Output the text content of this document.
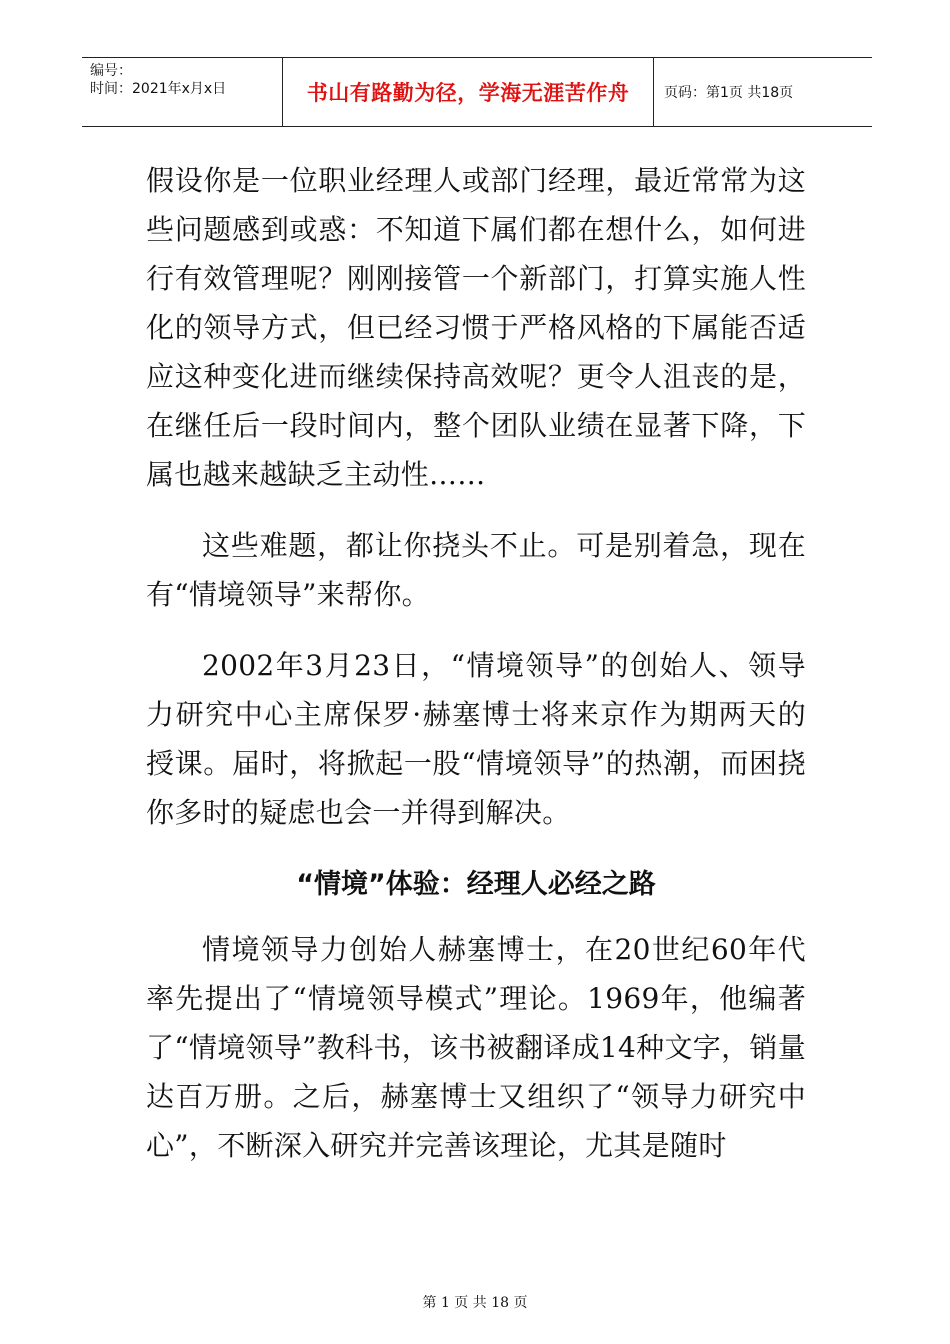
编号：
时间：2021年x月x日	书山有路勤为径，学海无涯苦作舟	页码：第1页 共18页

假设你是一位职业经理人或部门经理，最近常常为这些问题感到或惑：不知道下属们都在想什么，如何进行有效管理呢？刚刚接管一个新部门，打算实施人性化的领导方式，但已经习惯于严格风格的下属能否适应这种变化进而继续保持高效呢？更令人沮丧的是，在继任后一段时间内，整个团队业绩在显著下降，下属也越来越缺乏主动性……

这些难题，都让你挠头不止。可是别着急，现在有“情境领导”来帮你。

2002年3月23日，“情境领导”的创始人、领导力研究中心主席保罗·赫塞博士将来京作为期两天的授课。届时，将掀起一股“情境领导”的热潮，而困挠你多时的疑虑也会一并得到解决。

“情境”体验：经理人必经之路

情境领导力创始人赫塞博士，在20世纪60年代率先提出了“情境领导模式”理论。1969年，他编著了“情境领导”教科书，该书被翻译成14种文字，销量达百万册。之后，赫塞博士又组织了“领导力研究中心”，不断深入研究并完善该理论，尤其是随时

第 1 页 共 18 页
